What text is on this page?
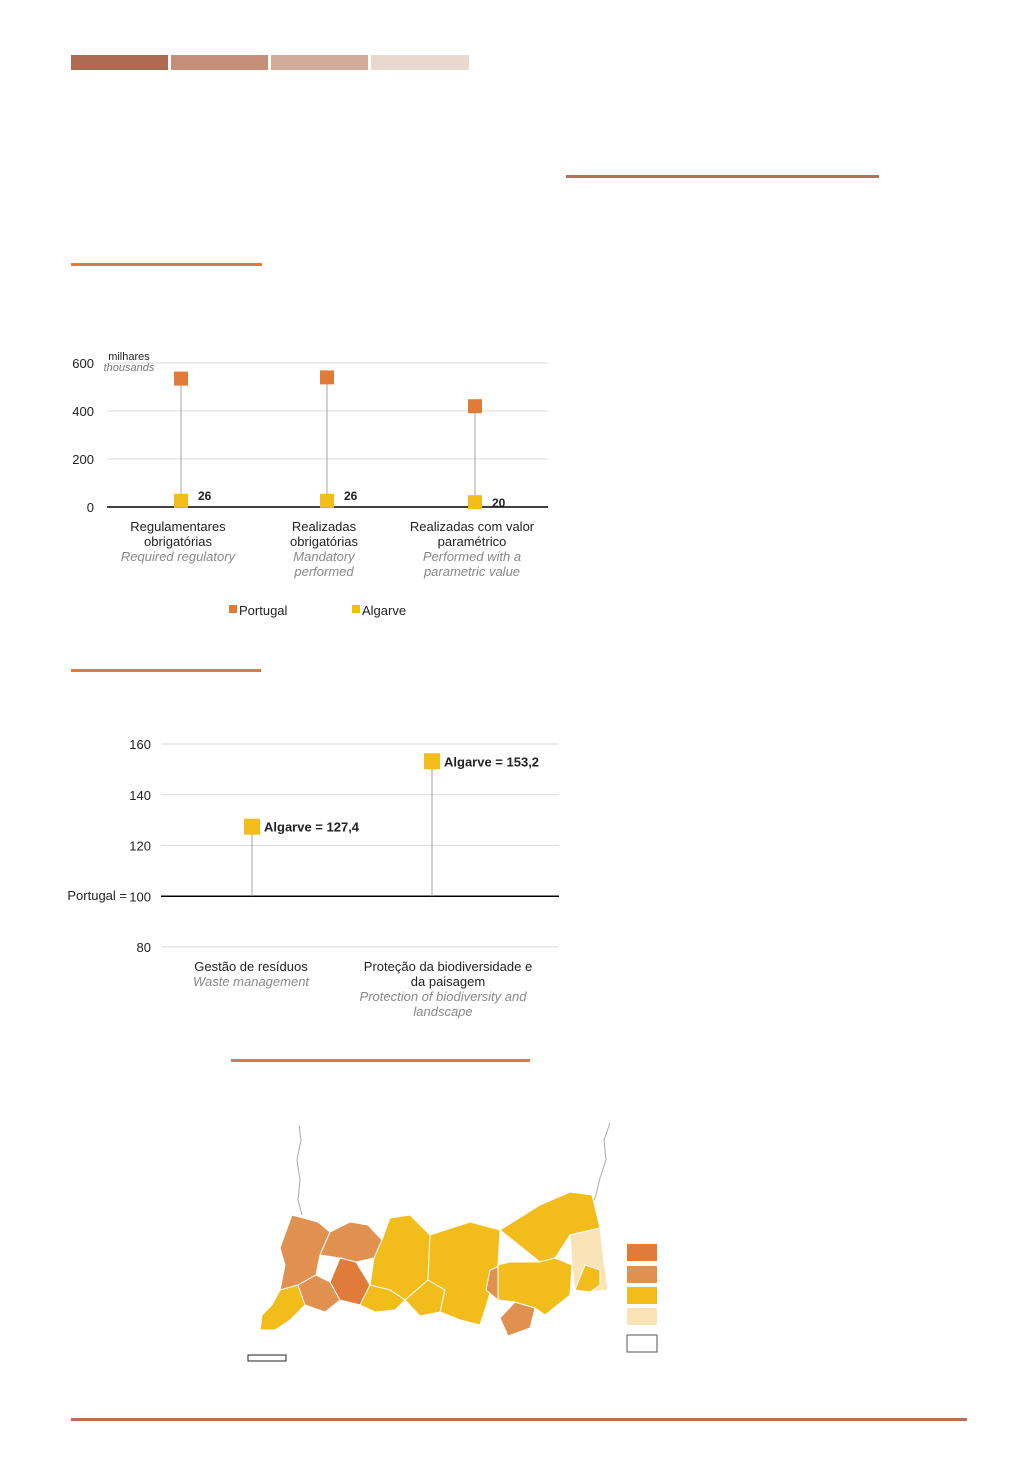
0
200
400
600 milhares
thousands
26	26
20
Regulamentares
obrigatórias
Required regulatory
Realizadas
obrigatórias
Mandatory
performed
Realizadas com valor
paramétrico
Performed with a
parametric value
Portugal	Algarve
80
100
120
140
160
Portugal =
Algarve = 127,4
Algarve = 153,2
Gestão de resíduos
Waste management
Proteção da biodiversidade e
da paisagem
Protection of biodiversity and
landscape
